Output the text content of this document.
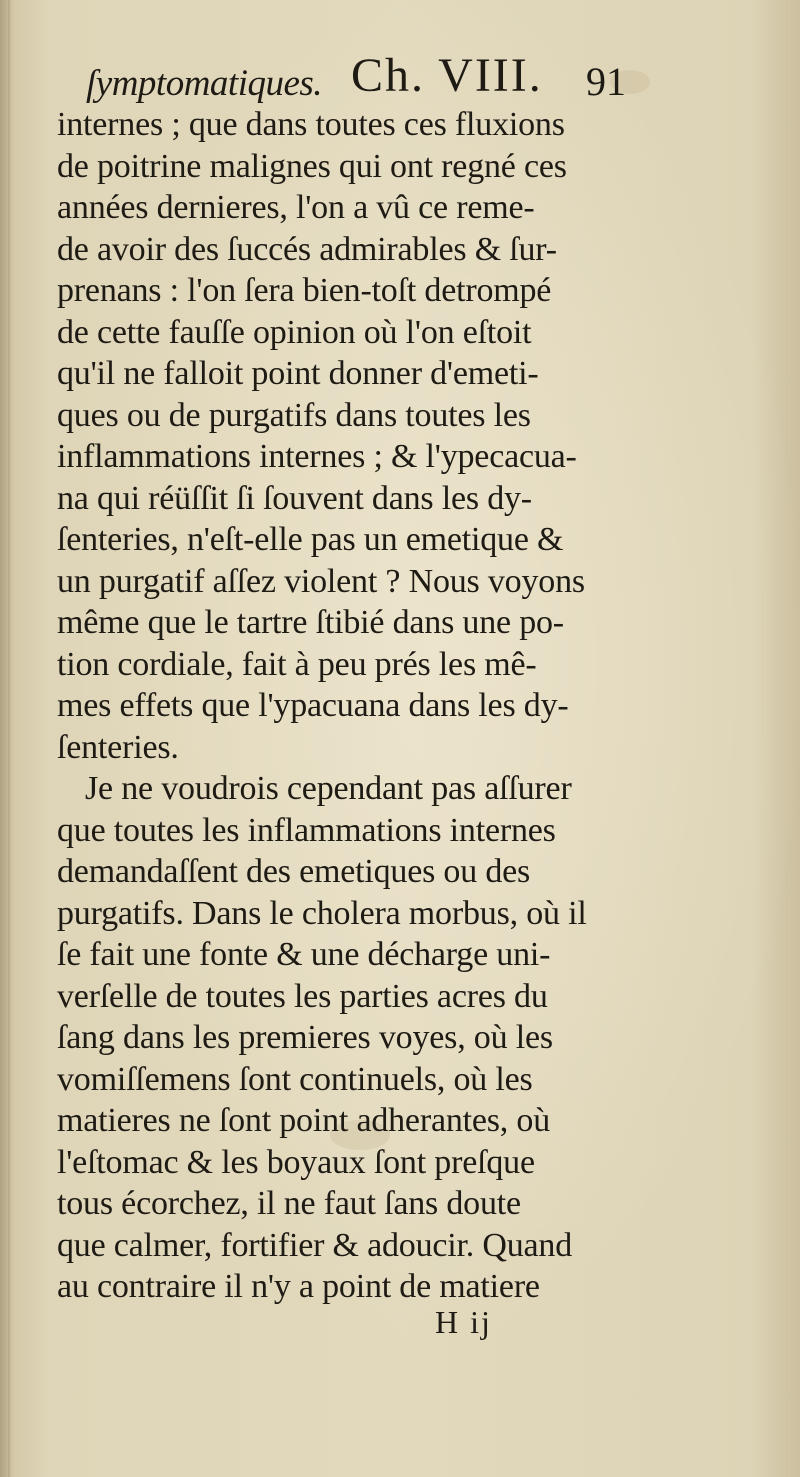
ſymptomatiques. Ch. VIII. 91
internes ; que dans toutes ces fluxions
de poitrine malignes qui ont regné ces
années dernieres, l'on a vû ce reme-
de avoir des ſuccés admirables & ſur-
prenans : l'on ſera bien-toſt detrompé
de cette fauſſe opinion où l'on eſtoit
qu'il ne falloit point donner d'emeti-
ques ou de purgatifs dans toutes les
inflammations internes ; & l'ypecacua-
na qui réüſſit ſi ſouvent dans les dy-
ſenteries, n'eſt-elle pas un emetique &
un purgatif aſſez violent ? Nous voyons
même que le tartre ſtibié dans une po-
tion cordiale, fait à peu prés les mê-
mes effets que l'ypacuana dans les dy-
ſenteries.
Je ne voudrois cependant pas aſſurer
que toutes les inflammations internes
demandaſſent des emetiques ou des
purgatifs. Dans le cholera morbus, où il
ſe fait une fonte & une décharge uni-
verſelle de toutes les parties acres du
ſang dans les premieres voyes, où les
vomiſſemens ſont continuels, où les
matieres ne ſont point adherantes, où
l'eſtomac & les boyaux ſont preſque
tous écorchez, il ne faut ſans doute
que calmer, fortifier & adoucir. Quand
au contraire il n'y a point de matiere
H ij
